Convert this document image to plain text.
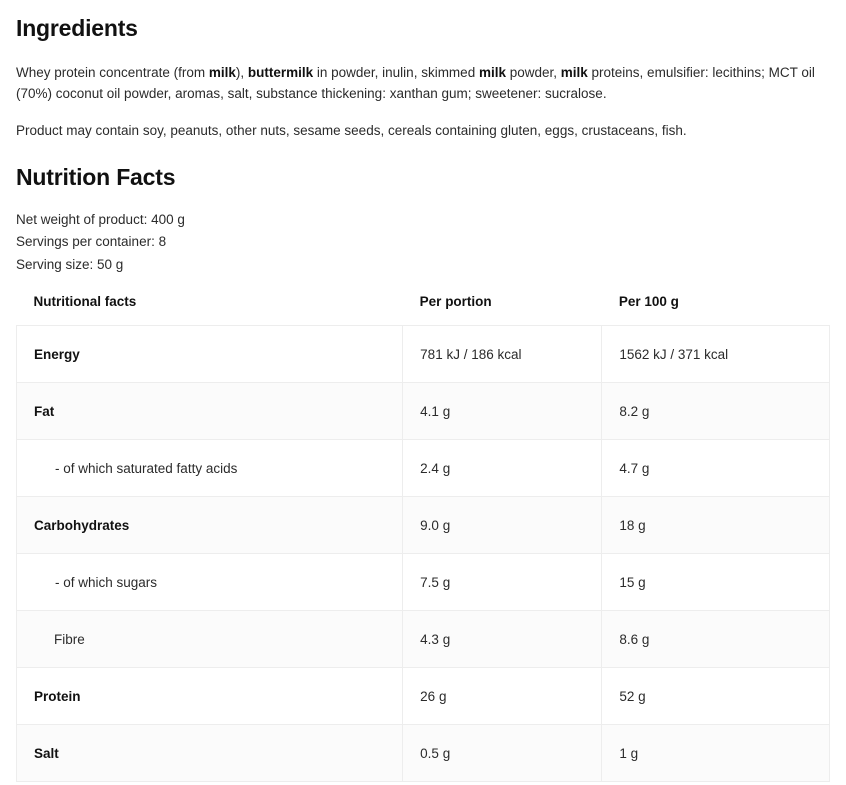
Ingredients

Whey protein concentrate (from milk), buttermilk in powder, inulin, skimmed milk powder, milk proteins, emulsifier: lecithins; MCT oil (70%) coconut oil powder, aromas, salt, substance thickening: xanthan gum; sweetener: sucralose.

Product may contain soy, peanuts, other nuts, sesame seeds, cereals containing gluten, eggs, crustaceans, fish.

Nutrition Facts
Net weight of product: 400 g
Servings per container: 8
Serving size: 50 g
Nutritional facts	Per portion	Per 100 g
Energy	781 kJ / 186 kcal	1562 kJ / 371 kcal
Fat	4.1 g	8.2 g
- of which saturated fatty acids	2.4 g	4.7 g
Carbohydrates	9.0 g	18 g
- of which sugars	7.5 g	15 g
Fibre	4.3 g	8.6 g
Protein	26 g	52 g
Salt	0.5 g	1 g
